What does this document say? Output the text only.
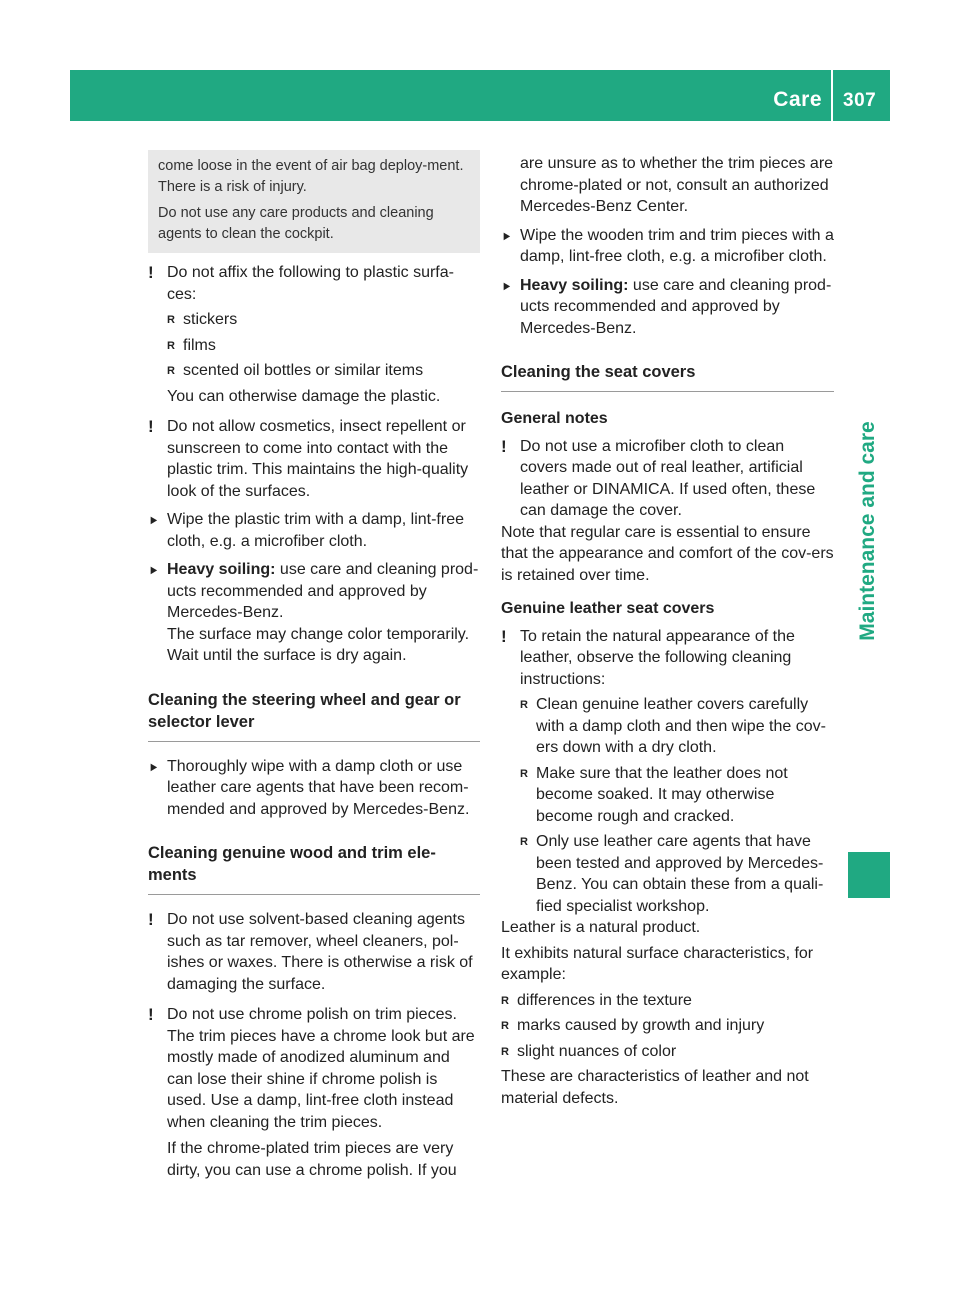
Care 307
Maintenance and care

come loose in the event of air bag deploy-ment. There is a risk of injury.

Do not use any care products and cleaning agents to clean the cockpit.

! Do not affix the following to plastic surfa-ces:

R stickers
R films
R scented oil bottles or similar items

You can otherwise damage the plastic.

! Do not allow cosmetics, insect repellent or sunscreen to come into contact with the plastic trim. This maintains the high-quality look of the surfaces.

▶ Wipe the plastic trim with a damp, lint-free cloth, e.g. a microfiber cloth.

▶ Heavy soiling: use care and cleaning prod-ucts recommended and approved by Mercedes-Benz.

The surface may change color temporarily. Wait until the surface is dry again.

Cleaning the steering wheel and gear or selector lever

▶ Thoroughly wipe with a damp cloth or use leather care agents that have been recom-mended and approved by Mercedes-Benz.

Cleaning genuine wood and trim ele-ments
! Do not use solvent-based cleaning agents such as tar remover, wheel cleaners, pol-ishes or waxes. There is otherwise a risk of damaging the surface.

! Do not use chrome polish on trim pieces. The trim pieces have a chrome look but are mostly made of anodized aluminum and can lose their shine if chrome polish is used. Use a damp, lint-free cloth instead when cleaning the trim pieces.

If the chrome-plated trim pieces are very dirty, you can use a chrome polish. If you

are unsure as to whether the trim pieces are chrome-plated or not, consult an authorized Mercedes-Benz Center.

▶ Wipe the wooden trim and trim pieces with a damp, lint-free cloth, e.g. a microfiber cloth.

▶ Heavy soiling: use care and cleaning prod-ucts recommended and approved by Mercedes-Benz.

Cleaning the seat covers
General notes
! Do not use a microfiber cloth to clean covers made out of real leather, artificial leather or DINAMICA. If used often, these can damage the cover.

Note that regular care is essential to ensure that the appearance and comfort of the cov-ers is retained over time.

Genuine leather seat covers
! To retain the natural appearance of the leather, observe the following cleaning instructions:

R Clean genuine leather covers carefully with a damp cloth and then wipe the cov-ers down with a dry cloth.
R Make sure that the leather does not become soaked. It may otherwise become rough and cracked.
R Only use leather care agents that have been tested and approved by Mercedes-Benz. You can obtain these from a quali-fied specialist workshop.

Leather is a natural product.

It exhibits natural surface characteristics, for example:

R differences in the texture
R marks caused by growth and injury
R slight nuances of color

These are characteristics of leather and not material defects.
